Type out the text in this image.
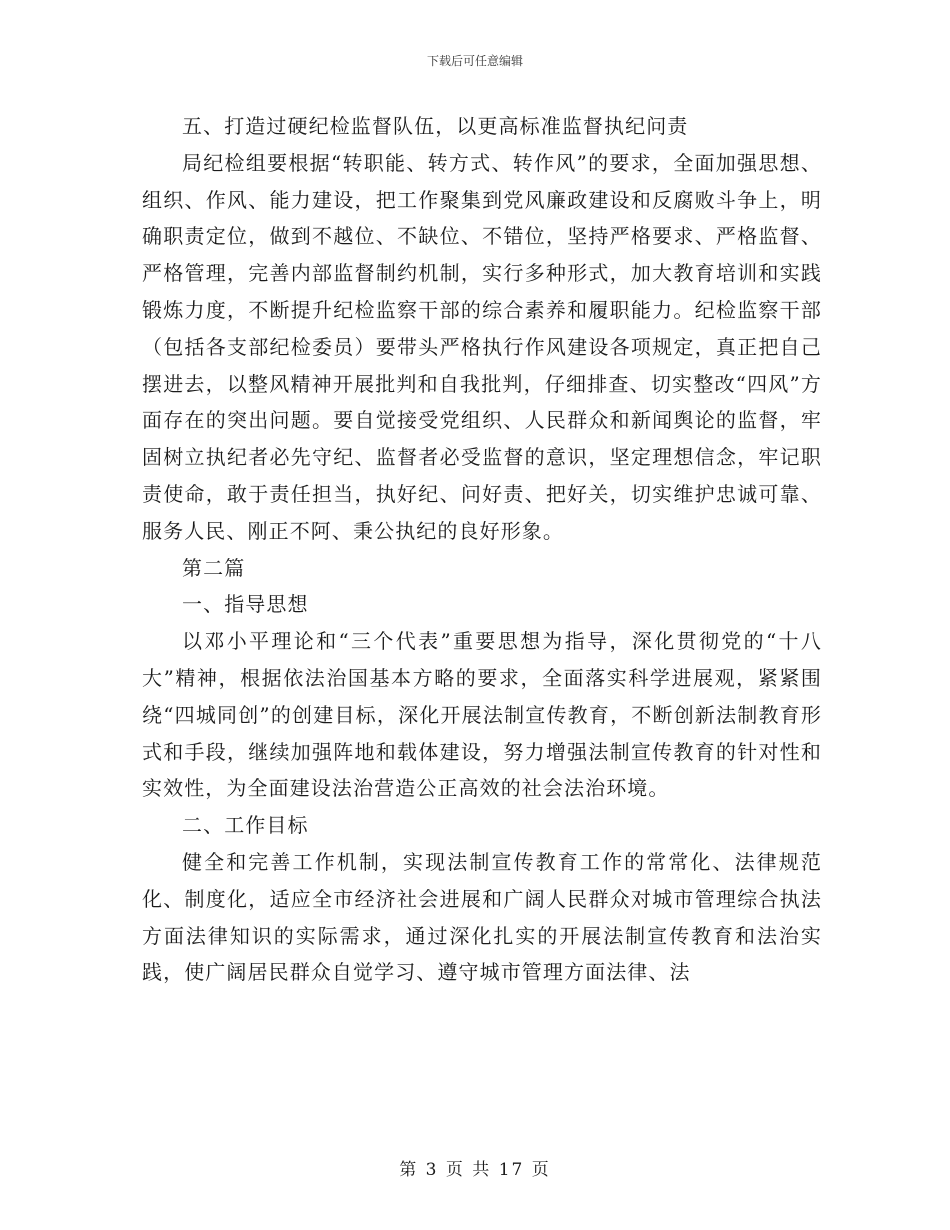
下载后可任意编辑

五、打造过硬纪检监督队伍，以更高标准监督执纪问责

局纪检组要根据“转职能、转方式、转作风”的要求，全面加强思想、组织、作风、能力建设，把工作聚集到党风廉政建设和反腐败斗争上，明确职责定位，做到不越位、不缺位、不错位，坚持严格要求、严格监督、严格管理，完善内部监督制约机制，实行多种形式，加大教育培训和实践锻炼力度，不断提升纪检监察干部的综合素养和履职能力。纪检监察干部（包括各支部纪检委员）要带头严格执行作风建设各项规定，真正把自己摆进去，以整风精神开展批判和自我批判，仔细排查、切实整改“四风”方面存在的突出问题。要自觉接受党组织、人民群众和新闻舆论的监督，牢固树立执纪者必先守纪、监督者必受监督的意识，坚定理想信念，牢记职责使命，敢于责任担当，执好纪、问好责、把好关，切实维护忠诚可靠、服务人民、刚正不阿、秉公执纪的良好形象。

第二篇

一、指导思想

以邓小平理论和“三个代表”重要思想为指导，深化贯彻党的“十八大”精神，根据依法治国基本方略的要求，全面落实科学进展观，紧紧围绕“四城同创”的创建目标，深化开展法制宣传教育，不断创新法制教育形式和手段，继续加强阵地和载体建设，努力增强法制宣传教育的针对性和实效性，为全面建设法治营造公正高效的社会法治环境。

二、工作目标

健全和完善工作机制，实现法制宣传教育工作的常常化、法律规范化、制度化，适应全市经济社会进展和广阔人民群众对城市管理综合执法方面法律知识的实际需求，通过深化扎实的开展法制宣传教育和法治实践，使广阔居民群众自觉学习、遵守城市管理方面法律、法

第 3 页 共 17 页
